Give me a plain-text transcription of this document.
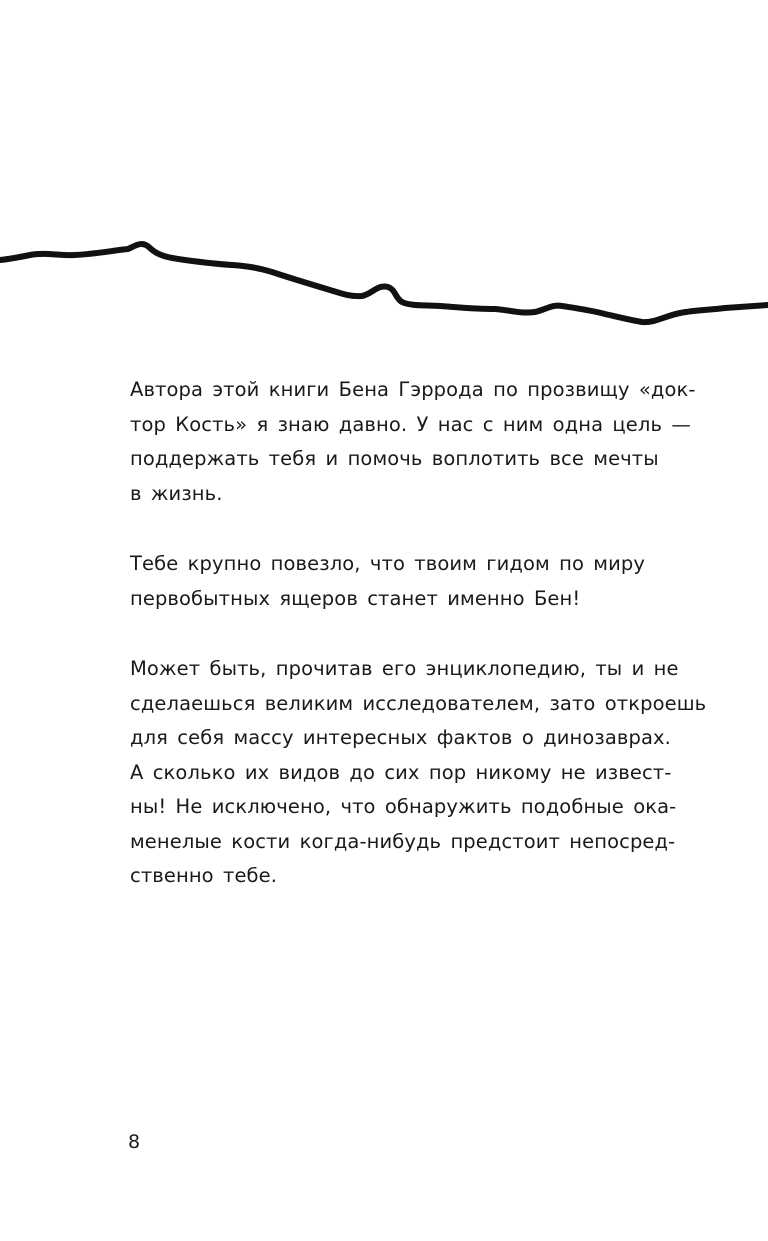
Автора этой книги Бена Гэррода по прозвищу «док-
тор Кость» я знаю давно. У нас с ним одна цель —
поддержать тебя и помочь воплотить все мечты
в жизнь.
Тебе крупно повезло, что твоим гидом по миру
первобытных ящеров станет именно Бен!
Может быть, прочитав его энциклопедию, ты и не
сделаешься великим исследователем, зато откроешь
для себя массу интересных фактов о динозаврах.
А сколько их видов до сих пор никому не извест-
ны! Не исключено, что обнаружить подобные ока-
менелые кости когда-нибудь предстоит непосред-
ственно тебе.
8
